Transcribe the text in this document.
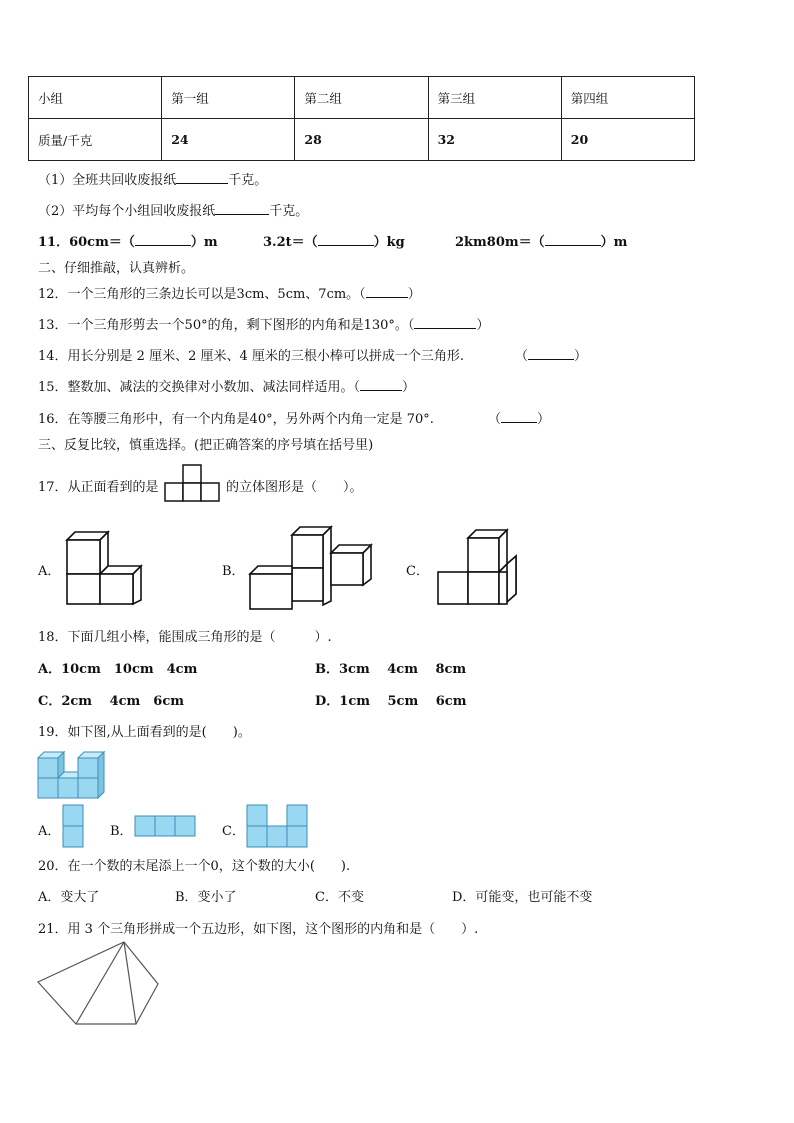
小组	第一组	第二组	第三组	第四组
质量/千克	24	28	32	20
（1）全班共回收废报纸	千克。
（2）平均每个小组回收废报纸	千克。
11．60cm＝（	）m	3.2t＝（	）kg	2km80m＝（	）m
二、仔细推敲，认真辨析。
12．一个三角形的三条边长可以是3cm、5cm、7cm。（	）
13．一个三角形剪去一个50°的角，剩下图形的内角和是130°。（	）
14．用长分别是 2 厘米、2 厘米、4 厘米的三根小棒可以拼成一个三角形.	（	）
15．整数加、减法的交换律对小数加、减法同样适用。（	）
16．在等腰三角形中，有一个内角是40°，另外两个内角一定是 70°.	（	）
三、反复比较，慎重选择。(把正确答案的序号填在括号里)
17．从正面看到的是	的立体图形是（　　）。
A．	B．	C．
18．下面几组小棒，能围成三角形的是（　　　）.
A．10cm　10cm　4cm	B．3cm　 4cm　 8cm
C．2cm　 4cm　6cm	D．1cm　 5cm　 6cm
19．如下图,从上面看到的是(　　)。
A．	B．	C．
20．在一个数的末尾添上一个0，这个数的大小(　　).
A．变大了	B．变小了	C．不变	D．可能变，也可能不变
21．用 3 个三角形拼成一个五边形，如下图，这个图形的内角和是（　　）.
